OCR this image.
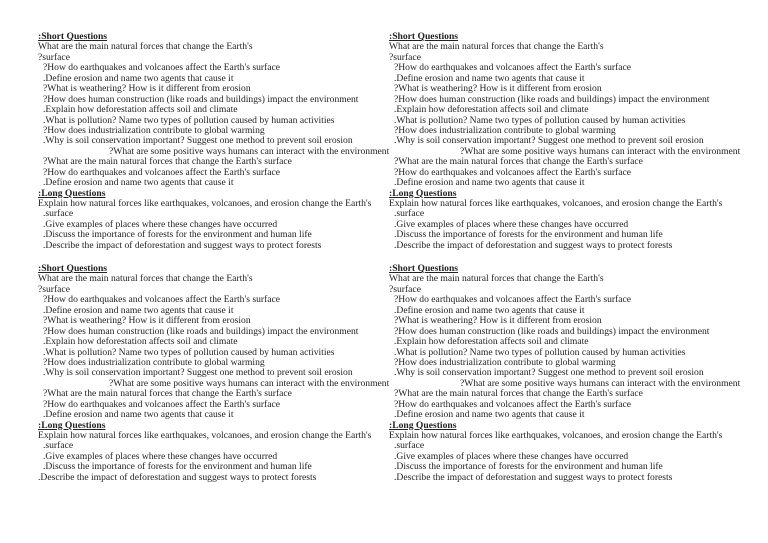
:Short Questions
What are the main natural forces that change the Earth's
?surface
?How do earthquakes and volcanoes affect the Earth's surface
.Define erosion and name two agents that cause it
?What is weathering? How is it different from erosion
?How does human construction (like roads and buildings) impact the environment
.Explain how deforestation affects soil and climate
.What is pollution? Name two types of pollution caused by human activities
?How does industrialization contribute to global warming
.Why is soil conservation important? Suggest one method to prevent soil erosion
?What are some positive ways humans can interact with the environment
?What are the main natural forces that change the Earth's surface
?How do earthquakes and volcanoes affect the Earth's surface
.Define erosion and name two agents that cause it
:Long Questions
Explain how natural forces like earthquakes, volcanoes, and erosion change the Earth's
.surface
.Give examples of places where these changes have occurred
.Discuss the importance of forests for the environment and human life
.Describe the impact of deforestation and suggest ways to protect forests
:Short Questions
What are the main natural forces that change the Earth's
?surface
?How do earthquakes and volcanoes affect the Earth's surface
.Define erosion and name two agents that cause it
?What is weathering? How is it different from erosion
?How does human construction (like roads and buildings) impact the environment
.Explain how deforestation affects soil and climate
.What is pollution? Name two types of pollution caused by human activities
?How does industrialization contribute to global warming
.Why is soil conservation important? Suggest one method to prevent soil erosion
?What are some positive ways humans can interact with the environment
?What are the main natural forces that change the Earth's surface
?How do earthquakes and volcanoes affect the Earth's surface
.Define erosion and name two agents that cause it
:Long Questions
Explain how natural forces like earthquakes, volcanoes, and erosion change the Earth's
.surface
.Give examples of places where these changes have occurred
.Discuss the importance of forests for the environment and human life
.Describe the impact of deforestation and suggest ways to protect forests
:Short Questions
What are the main natural forces that change the Earth's
?surface
?How do earthquakes and volcanoes affect the Earth's surface
.Define erosion and name two agents that cause it
?What is weathering? How is it different from erosion
?How does human construction (like roads and buildings) impact the environment
.Explain how deforestation affects soil and climate
.What is pollution? Name two types of pollution caused by human activities
?How does industrialization contribute to global warming
.Why is soil conservation important? Suggest one method to prevent soil erosion
?What are some positive ways humans can interact with the environment
?What are the main natural forces that change the Earth's surface
?How do earthquakes and volcanoes affect the Earth's surface
.Define erosion and name two agents that cause it
:Long Questions
Explain how natural forces like earthquakes, volcanoes, and erosion change the Earth's
.surface
.Give examples of places where these changes have occurred
.Discuss the importance of forests for the environment and human life
.Describe the impact of deforestation and suggest ways to protect forests
:Short Questions
What are the main natural forces that change the Earth's
?surface
?How do earthquakes and volcanoes affect the Earth's surface
.Define erosion and name two agents that cause it
?What is weathering? How is it different from erosion
?How does human construction (like roads and buildings) impact the environment
.Explain how deforestation affects soil and climate
.What is pollution? Name two types of pollution caused by human activities
?How does industrialization contribute to global warming
.Why is soil conservation important? Suggest one method to prevent soil erosion
?What are some positive ways humans can interact with the environment
?What are the main natural forces that change the Earth's surface
?How do earthquakes and volcanoes affect the Earth's surface
.Define erosion and name two agents that cause it
:Long Questions
Explain how natural forces like earthquakes, volcanoes, and erosion change the Earth's
.surface
.Give examples of places where these changes have occurred
.Discuss the importance of forests for the environment and human life
.Describe the impact of deforestation and suggest ways to protect forests
